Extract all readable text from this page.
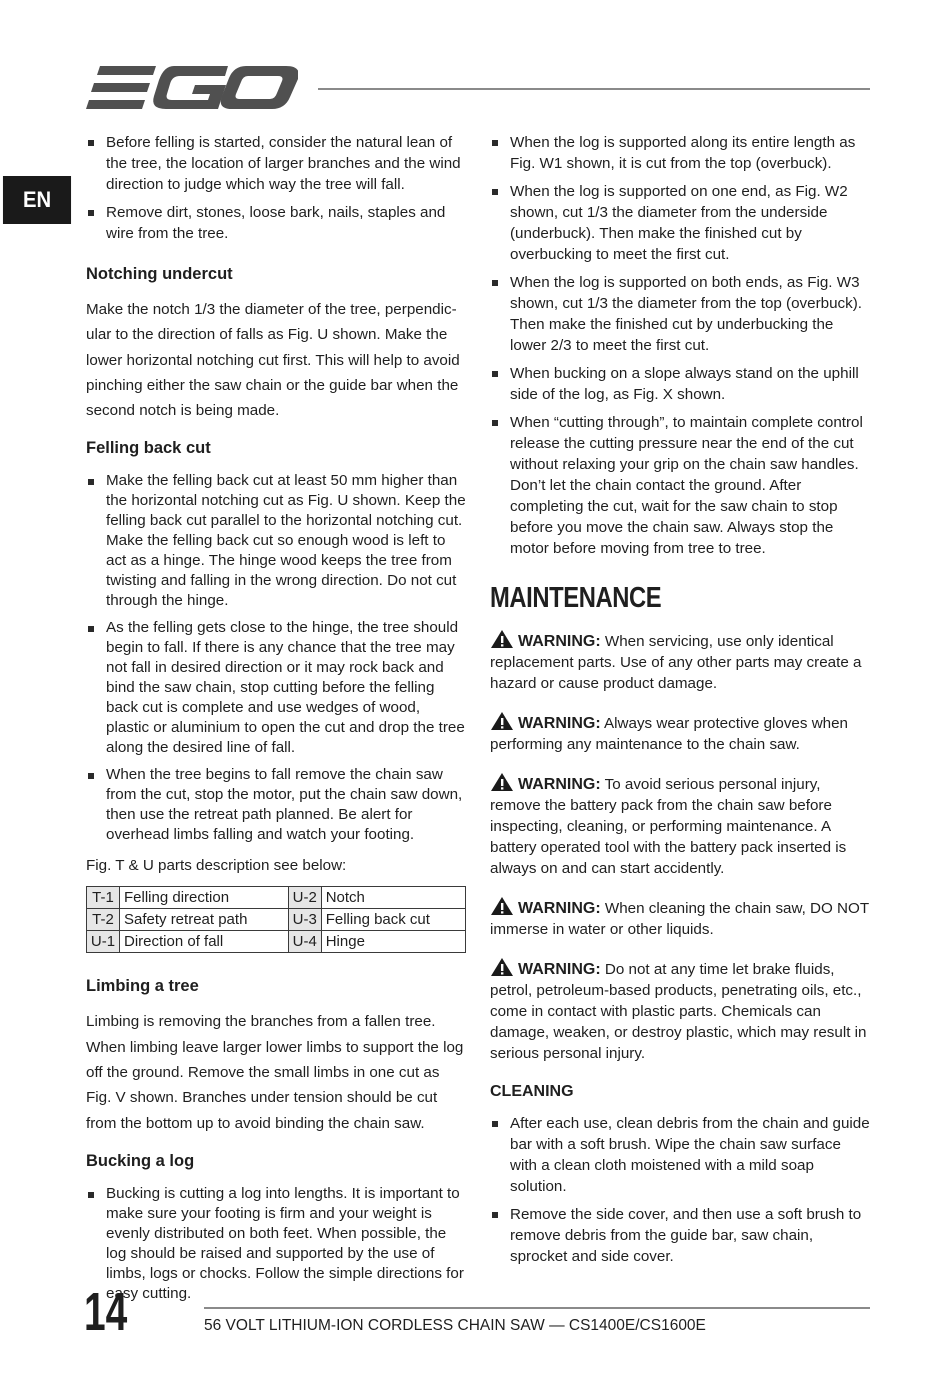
EN
Before felling is started, consider the natural lean of the tree, the location of larger branches and the wind direction to judge which way the tree will fall.
Remove dirt, stones, loose bark, nails, staples and wire from the tree.
Notching undercut

Make the notch 1/3 the diameter of the tree, perpendic-ular to the direction of falls as Fig. U shown. Make the lower horizontal notching cut first. This will help to avoid pinching either the saw chain or the guide bar when the second notch is being made.

Felling back cut
Make the felling back cut at least 50 mm higher than the horizontal notching cut as Fig. U shown. Keep the felling back cut parallel to the horizontal notching cut. Make the felling back cut so enough wood is left to act as a hinge. The hinge wood keeps the tree from twisting and falling in the wrong direction. Do not cut through the hinge.
As the felling gets close to the hinge, the tree should begin to fall. If there is any chance that the tree may not fall in desired direction or it may rock back and bind the saw chain, stop cutting before the felling back cut is complete and use wedges of wood, plastic or aluminium to open the cut and drop the tree along the desired line of fall.
When the tree begins to fall remove the chain saw from the cut, stop the motor, put the chain saw down, then use the retreat path planned. Be alert for overhead limbs falling and watch your footing.

Fig. T & U parts description see below:

T-1	Felling direction	U-2	Notch
T-2	Safety retreat path	U-3	Felling back cut
U-1	Direction of fall	U-4	Hinge
Limbing a tree

Limbing is removing the branches from a fallen tree. When limbing leave larger lower limbs to support the log off the ground. Remove the small limbs in one cut as Fig. V shown. Branches under tension should be cut from the bottom up to avoid binding the chain saw.

Bucking a log
Bucking is cutting a log into lengths. It is important to make sure your footing is firm and your weight is evenly distributed on both feet. When possible, the log should be raised and supported by the use of limbs, logs or chocks. Follow the simple directions for easy cutting.
When the log is supported along its entire length as Fig. W1 shown, it is cut from the top (overbuck).
When the log is supported on one end, as Fig. W2 shown, cut 1/3 the diameter from the underside (underbuck). Then make the finished cut by overbucking to meet the first cut.
When the log is supported on both ends, as Fig. W3 shown, cut 1/3 the diameter from the top (overbuck). Then make the finished cut by underbucking the lower 2/3 to meet the first cut.
When bucking on a slope always stand on the uphill side of the log, as Fig. X shown.
When “cutting through”, to maintain complete control release the cutting pressure near the end of the cut without relaxing your grip on the chain saw handles. Don’t let the chain contact the ground. After completing the cut, wait for the saw chain to stop before you move the chain saw. Always stop the motor before moving from tree to tree.
MAINTENANCE
WARNING: When servicing, use only identical replacement parts. Use of any other parts may create a hazard or cause product damage.
WARNING: Always wear protective gloves when performing any maintenance to the chain saw.
WARNING: To avoid serious personal injury, remove the battery pack from the chain saw before inspecting, cleaning, or performing maintenance. A battery operated tool with the battery pack inserted is always on and can start accidently.
WARNING: When cleaning the chain saw, DO NOT immerse in water or other liquids.
WARNING: Do not at any time let brake fluids, petrol, petroleum-based products, penetrating oils, etc., come in contact with plastic parts. Chemicals can damage, weaken, or destroy plastic, which may result in serious personal injury.
CLEANING
After each use, clean debris from the chain and guide bar with a soft brush. Wipe the chain saw surface with a clean cloth moistened with a mild soap solution.
Remove the side cover, and then use a soft brush to remove debris from the guide bar, saw chain, sprocket and side cover.
14	56 VOLT LITHIUM-ION CORDLESS CHAIN SAW — CS1400E/CS1600E
